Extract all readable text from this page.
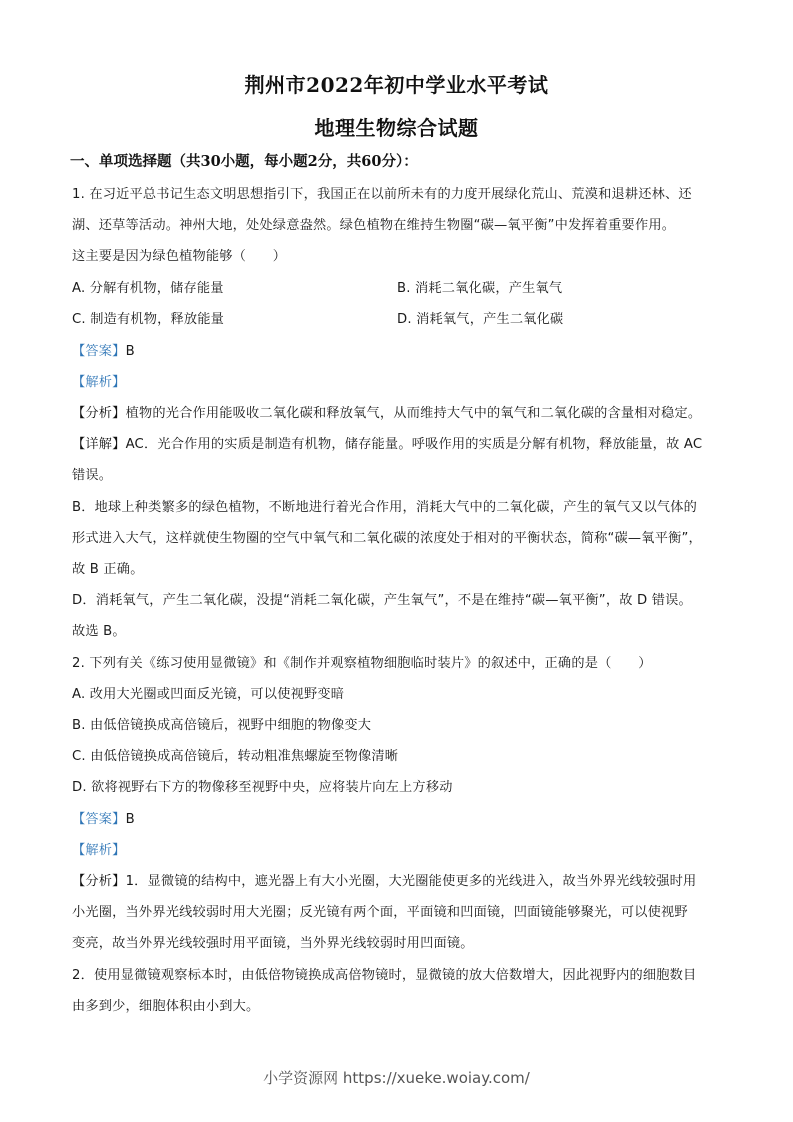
荆州市2022年初中学业水平考试
地理生物综合试题
一、单项选择题（共30小题，每小题2分，共60分）：
1. 在习近平总书记生态文明思想指引下，我国正在以前所未有的力度开展绿化荒山、荒漠和退耕还林、还
湖、还草等活动。神州大地，处处绿意盎然。绿色植物在维持生物圈“碳—氧平衡”中发挥着重要作用。
这主要是因为绿色植物能够（　　）
A. 分解有机物，储存能量	B. 消耗二氧化碳，产生氧气
C. 制造有机物，释放能量	D. 消耗氧气，产生二氧化碳
【答案】B
【解析】
【分析】植物的光合作用能吸收二氧化碳和释放氧气，从而维持大气中的氧气和二氧化碳的含量相对稳定。
【详解】AC．光合作用的实质是制造有机物，储存能量。呼吸作用的实质是分解有机物，释放能量，故 AC
错误。
B．地球上种类繁多的绿色植物，不断地进行着光合作用，消耗大气中的二氧化碳，产生的氧气又以气体的
形式进入大气，这样就使生物圈的空气中氧气和二氧化碳的浓度处于相对的平衡状态，简称“碳—氧平衡”，
故 B 正确。
D．消耗氧气，产生二氧化碳，没提“消耗二氧化碳，产生氧气”，不是在维持“碳—氧平衡”，故 D 错误。
故选 B。
2. 下列有关《练习使用显微镜》和《制作并观察植物细胞临时装片》的叙述中，正确的是（　　）
A. 改用大光圈或凹面反光镜，可以使视野变暗
B. 由低倍镜换成高倍镜后，视野中细胞的物像变大
C. 由低倍镜换成高倍镜后，转动粗准焦螺旋至物像清晰
D. 欲将视野右下方的物像移至视野中央，应将装片向左上方移动
【答案】B
【解析】
【分析】1．显微镜的结构中，遮光器上有大小光圈，大光圈能使更多的光线进入，故当外界光线较强时用
小光圈，当外界光线较弱时用大光圈；反光镜有两个面，平面镜和凹面镜，凹面镜能够聚光，可以使视野
变亮，故当外界光线较强时用平面镜，当外界光线较弱时用凹面镜。
2．使用显微镜观察标本时，由低倍物镜换成高倍物镜时，显微镜的放大倍数增大，因此视野内的细胞数目
由多到少，细胞体积由小到大。
小学资源网 https://xueke.woiay.com/
